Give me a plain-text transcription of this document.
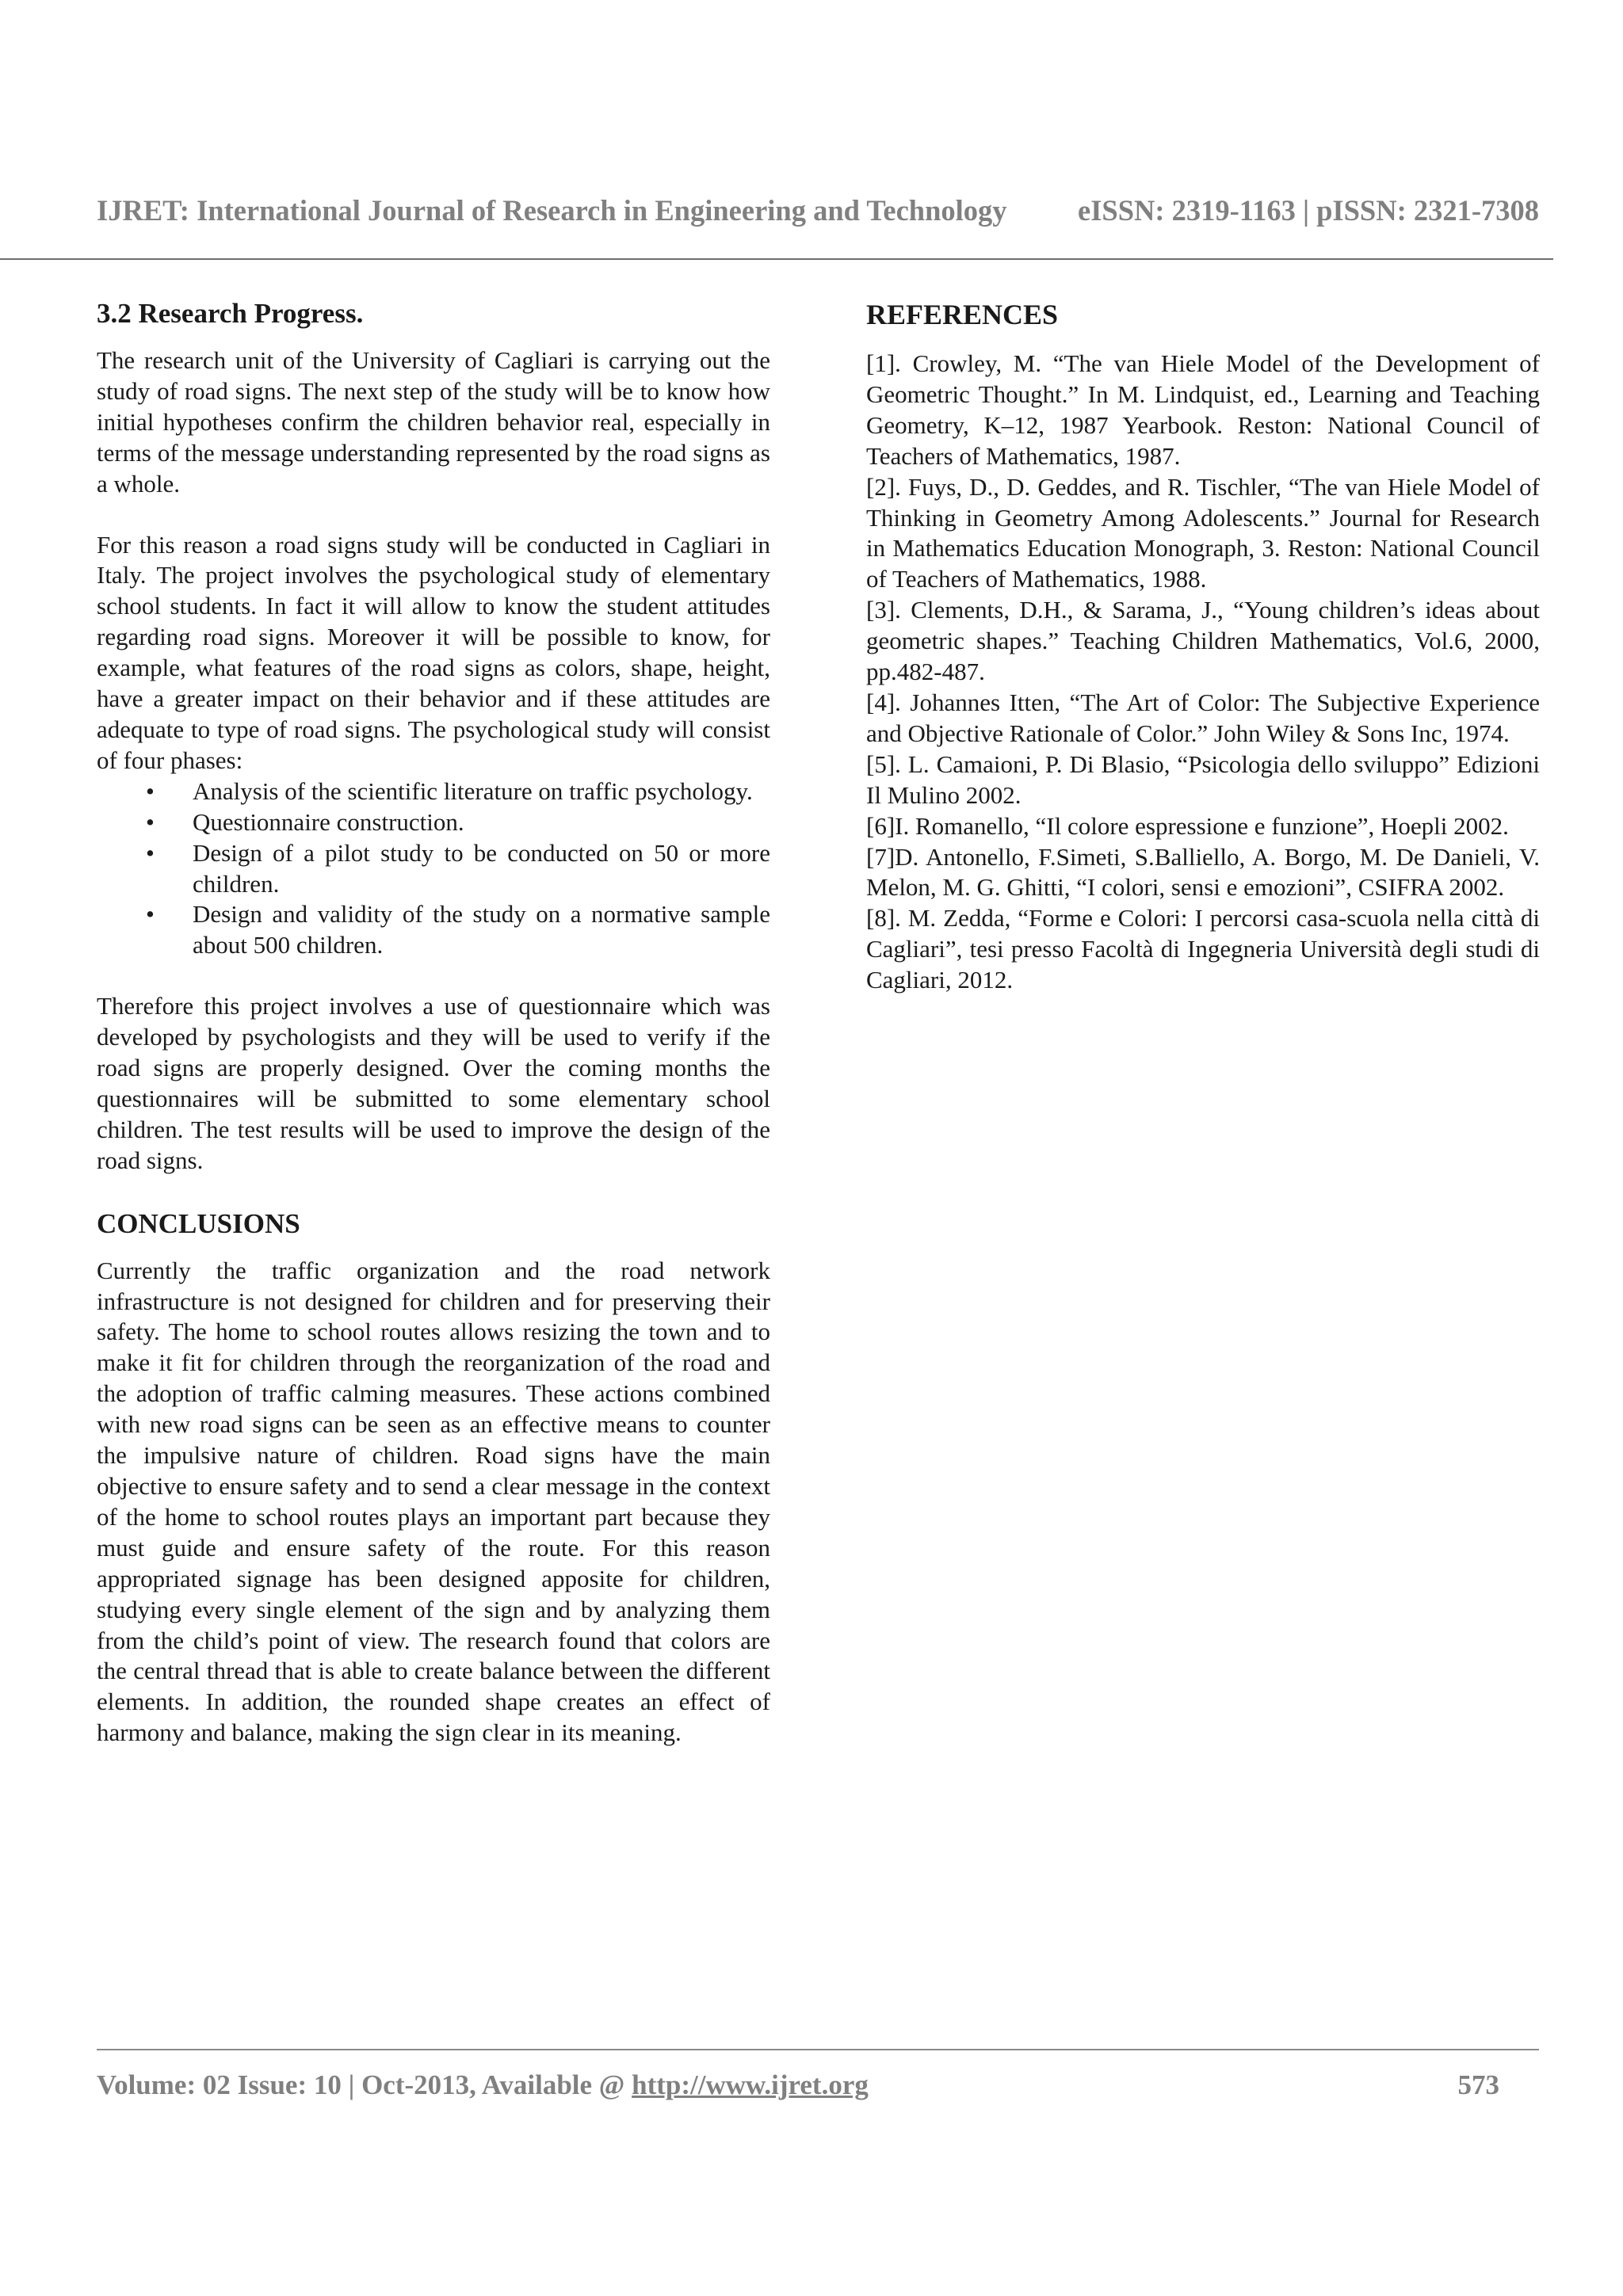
IJRET: International Journal of Research in Engineering and Technology eISSN: 2319-1163 | pISSN: 2321-7308
3.2 Research Progress.

The research unit of the University of Cagliari is carrying out the study of road signs. The next step of the study will be to know how initial hypotheses confirm the children behavior real, especially in terms of the message understanding represented by the road signs as a whole.

For this reason a road signs study will be conducted in Cagliari in Italy. The project involves the psychological study of elementary school students. In fact it will allow to know the student attitudes regarding road signs. Moreover it will be possible to know, for example, what features of the road signs as colors, shape, height, have a greater impact on their behavior and if these attitudes are adequate to type of road signs. The psychological study will consist of four phases:

• Analysis of the scientific literature on traffic psychology.
• Questionnaire construction.
• Design of a pilot study to be conducted on 50 or more children.
• Design and validity of the study on a normative sample about 500 children.

Therefore this project involves a use of questionnaire which was developed by psychologists and they will be used to verify if the road signs are properly designed. Over the coming months the questionnaires will be submitted to some elementary school children. The test results will be used to improve the design of the road signs.

CONCLUSIONS

Currently the traffic organization and the road network infrastructure is not designed for children and for preserving their safety. The home to school routes allows resizing the town and to make it fit for children through the reorganization of the road and the adoption of traffic calming measures. These actions combined with new road signs can be seen as an effective means to counter the impulsive nature of children. Road signs have the main objective to ensure safety and to send a clear message in the context of the home to school routes plays an important part because they must guide and ensure safety of the route. For this reason appropriated signage has been designed apposite for children, studying every single element of the sign and by analyzing them from the child’s point of view. The research found that colors are the central thread that is able to create balance between the different elements. In addition, the rounded shape creates an effect of harmony and balance, making the sign clear in its meaning.

REFERENCES
[1]. Crowley, M. “The van Hiele Model of the Development of Geometric Thought.” In M. Lindquist, ed., Learning and Teaching Geometry, K–12, 1987 Yearbook. Reston: National Council of Teachers of Mathematics, 1987.
[2]. Fuys, D., D. Geddes, and R. Tischler, “The van Hiele Model of Thinking in Geometry Among Adolescents.” Journal for Research in Mathematics Education Monograph, 3. Reston: National Council of Teachers of Mathematics, 1988.
[3]. Clements, D.H., & Sarama, J., “Young children’s ideas about geometric shapes.” Teaching Children Mathematics, Vol.6, 2000, pp.482-487.
[4]. Johannes Itten, “The Art of Color: The Subjective Experience and Objective Rationale of Color.” John Wiley & Sons Inc, 1974.
[5]. L. Camaioni, P. Di Blasio, “Psicologia dello sviluppo” Edizioni Il Mulino 2002.
[6]I. Romanello, “Il colore espressione e funzione”, Hoepli 2002.
[7]D. Antonello, F.Simeti, S.Balliello, A. Borgo, M. De Danieli, V. Melon, M. G. Ghitti, “I colori, sensi e emozioni”, CSIFRA 2002.
[8]. M. Zedda, “Forme e Colori: I percorsi casa-scuola nella città di Cagliari”, tesi presso Facoltà di Ingegneria Università degli studi di Cagliari, 2012.
Volume: 02 Issue: 10 | Oct-2013, Available @ http://www.ijret.org	573
